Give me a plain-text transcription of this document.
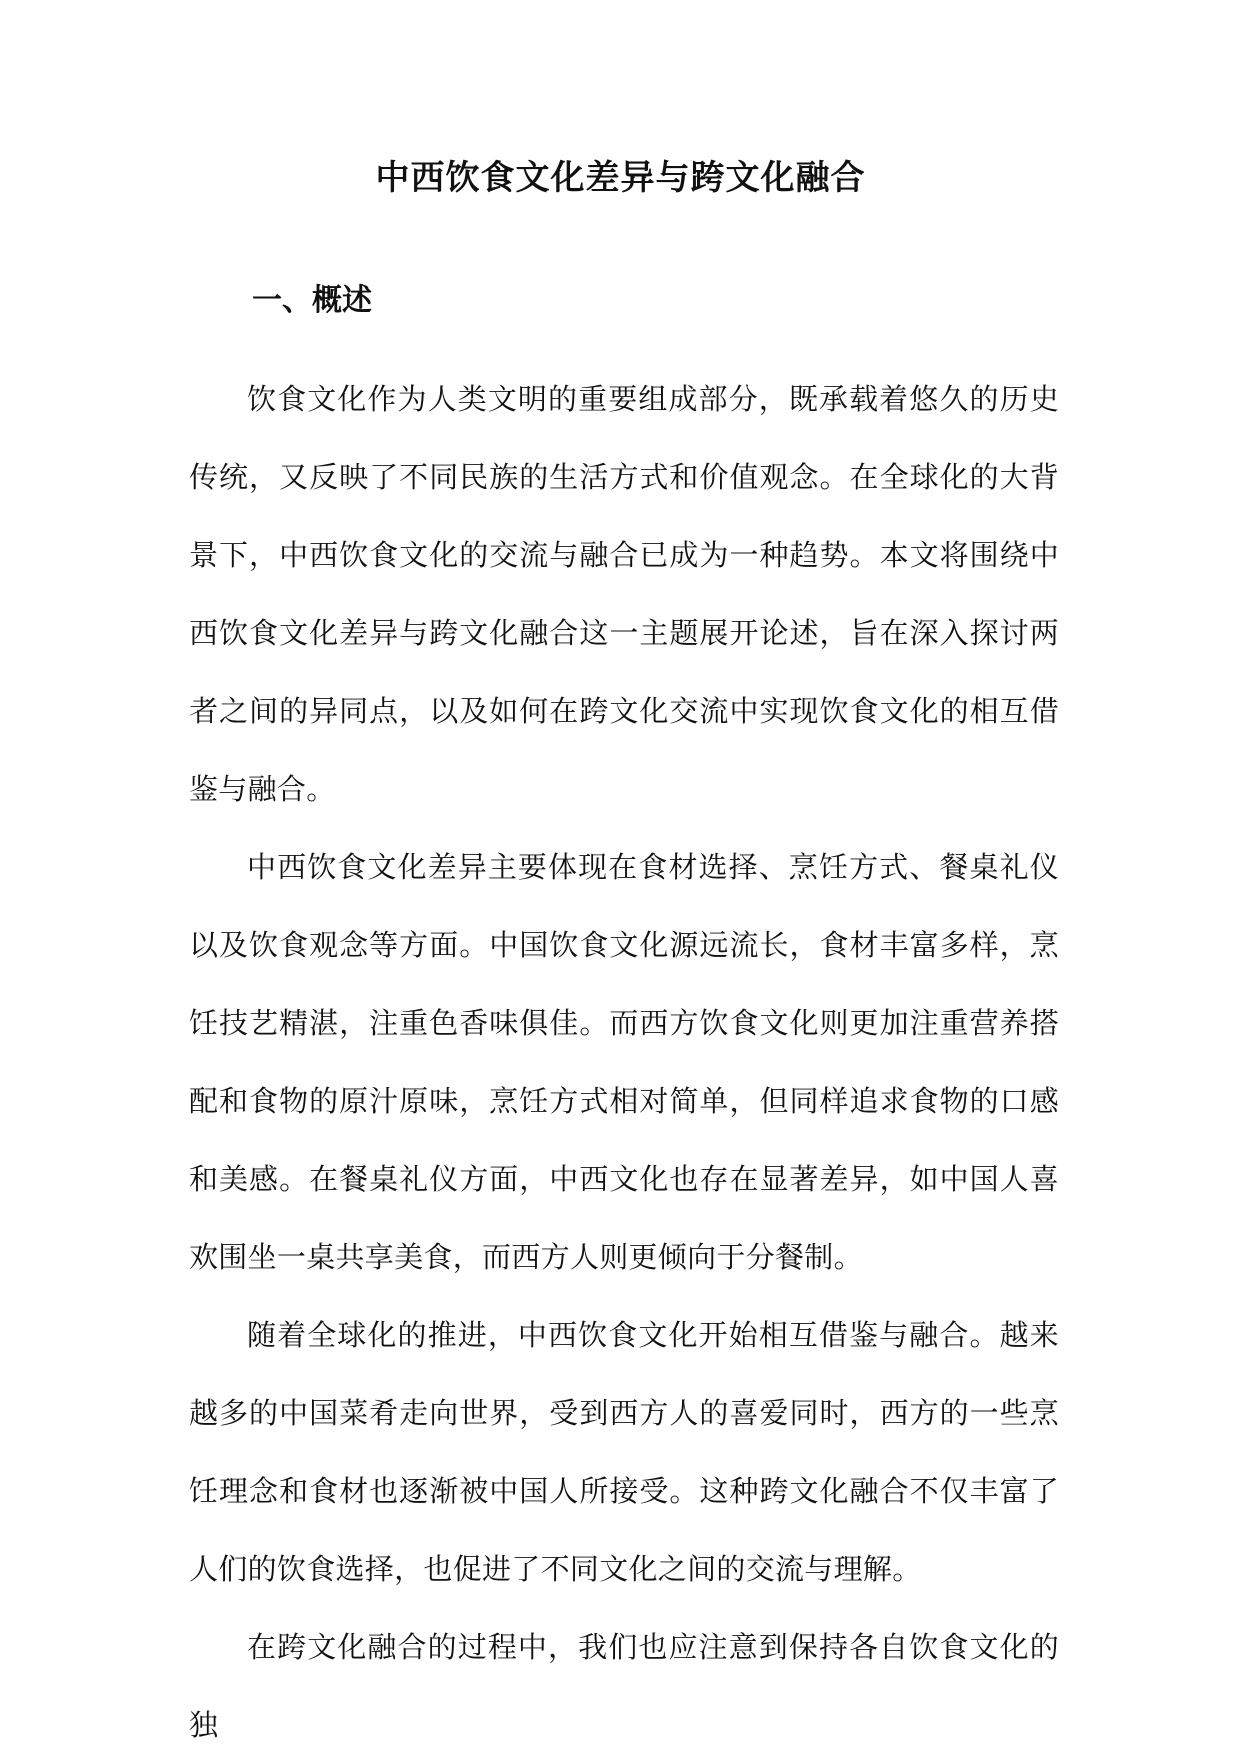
中西饮食文化差异与跨文化融合
一、概述

饮食文化作为人类文明的重要组成部分，既承载着悠久的历史传统，又反映了不同民族的生活方式和价值观念。在全球化的大背景下，中西饮食文化的交流与融合已成为一种趋势。本文将围绕中西饮食文化差异与跨文化融合这一主题展开论述，旨在深入探讨两者之间的异同点，以及如何在跨文化交流中实现饮食文化的相互借鉴与融合。

中西饮食文化差异主要体现在食材选择、烹饪方式、餐桌礼仪以及饮食观念等方面。中国饮食文化源远流长，食材丰富多样，烹饪技艺精湛，注重色香味俱佳。而西方饮食文化则更加注重营养搭配和食物的原汁原味，烹饪方式相对简单，但同样追求食物的口感和美感。在餐桌礼仪方面，中西文化也存在显著差异，如中国人喜欢围坐一桌共享美食，而西方人则更倾向于分餐制。

随着全球化的推进，中西饮食文化开始相互借鉴与融合。越来越多的中国菜肴走向世界，受到西方人的喜爱同时，西方的一些烹饪理念和食材也逐渐被中国人所接受。这种跨文化融合不仅丰富了人们的饮食选择，也促进了不同文化之间的交流与理解。

在跨文化融合的过程中，我们也应注意到保持各自饮食文化的独
